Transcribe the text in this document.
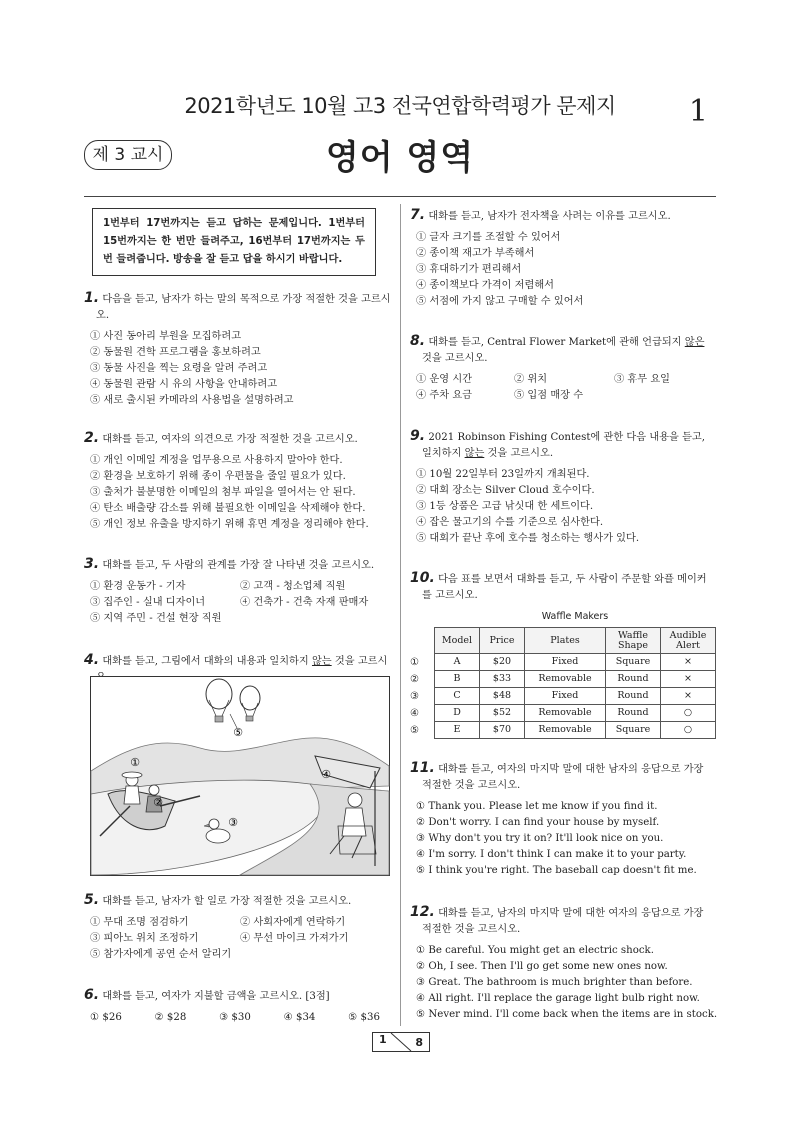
2021학년도 10월 고3 전국연합학력평가 문제지	1
제 3 교시	영어 영역
1번부터 17번까지는 듣고 답하는 문제입니다. 1번부터 15번까지는 한 번만 들려주고, 16번부터 17번까지는 두 번 들려줍니다. 방송을 잘 듣고 답을 하시기 바랍니다.
1. 다음을 듣고, 남자가 하는 말의 목적으로 가장 적절한 것을 고르시오.
① 사진 동아리 부원을 모집하려고
② 동물원 견학 프로그램을 홍보하려고
③ 동물 사진을 찍는 요령을 알려 주려고
④ 동물원 관람 시 유의 사항을 안내하려고
⑤ 새로 출시된 카메라의 사용법을 설명하려고
2. 대화를 듣고, 여자의 의견으로 가장 적절한 것을 고르시오.
① 개인 이메일 계정을 업무용으로 사용하지 말아야 한다.
② 환경을 보호하기 위해 종이 우편물을 줄일 필요가 있다.
③ 출처가 불분명한 이메일의 첨부 파일을 열어서는 안 된다.
④ 탄소 배출량 감소를 위해 불필요한 이메일을 삭제해야 한다.
⑤ 개인 정보 유출을 방지하기 위해 휴면 계정을 정리해야 한다.
3. 대화를 듣고, 두 사람의 관계를 가장 잘 나타낸 것을 고르시오.
① 환경 운동가 - 기자	② 고객 - 청소업체 직원
③ 집주인 - 실내 디자이너	④ 건축가 - 건축 자재 판매자
⑤ 지역 주민 - 건설 현장 직원
4. 대화를 듣고, 그림에서 대화의 내용과 일치하지 않는 것을 고르시
⑤
①
②
③
④
5. 대화를 듣고, 남자가 할 일로 가장 적절한 것을 고르시오.
① 무대 조명 점검하기	② 사회자에게 연락하기
③ 피아노 위치 조정하기	④ 무선 마이크 가져가기
⑤ 참가자에게 공연 순서 알리기
6. 대화를 듣고, 여자가 지불할 금액을 고르시오. [3점]
① $26	② $28	③ $30	④ $34	⑤ $36
7. 대화를 듣고, 남자가 전자책을 사려는 이유를 고르시오.
① 글자 크기를 조절할 수 있어서
② 종이책 재고가 부족해서
③ 휴대하기가 편리해서
④ 종이책보다 가격이 저렴해서
⑤ 서점에 가지 않고 구매할 수 있어서
8. 대화를 듣고, Central Flower Market에 관해 언급되지 않은 것을 고르시오.
① 운영 시간	② 위치	③ 휴무 요일
④ 주차 요금	⑤ 입점 매장 수
9. 2021 Robinson Fishing Contest에 관한 다음 내용을 듣고, 일치하지 않는 것을 고르시오.
① 10월 22일부터 23일까지 개최된다.
② 대회 장소는 Silver Cloud 호수이다.
③ 1등 상품은 고급 낚싯대 한 세트이다.
④ 잡은 물고기의 수를 기준으로 심사한다.
⑤ 대회가 끝난 후에 호수를 청소하는 행사가 있다.
10. 다음 표를 보면서 대화를 듣고, 두 사람이 주문할 와플 메이커를 고르시오.
Waffle Makers
①
②
③
④
⑤
Model	Price	Plates	Waffle Shape	Audible Alert
A	$20	Fixed	Square	×
B	$33	Removable	Round	×
C	$48	Fixed	Round	×
D	$52	Removable	Round	○
E	$70	Removable	Square	○
11. 대화를 듣고, 여자의 마지막 말에 대한 남자의 응답으로 가장 적절한 것을 고르시오.
① Thank you. Please let me know if you find it.
② Don't worry. I can find your house by myself.
③ Why don't you try it on? It'll look nice on you.
④ I'm sorry. I don't think I can make it to your party.
⑤ I think you're right. The baseball cap doesn't fit me.
12. 대화를 듣고, 남자의 마지막 말에 대한 여자의 응답으로 가장 적절한 것을 고르시오.
① Be careful. You might get an electric shock.
② Oh, I see. Then I'll go get some new ones now.
③ Great. The bathroom is much brighter than before.
④ All right. I'll replace the garage light bulb right now.
⑤ Never mind. I'll come back when the items are in stock.
1	8
